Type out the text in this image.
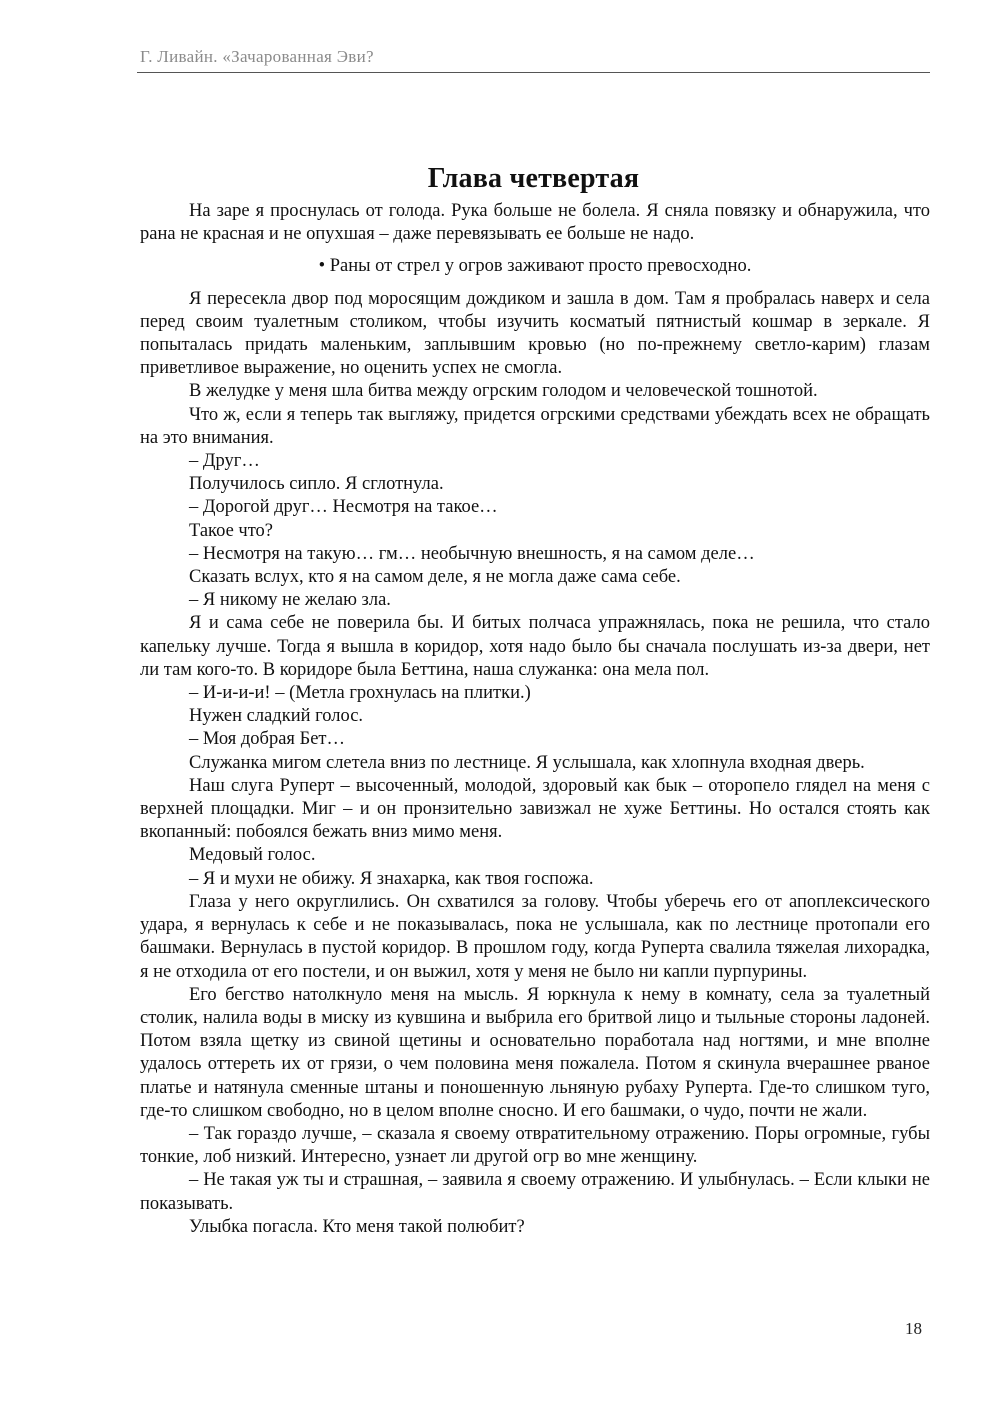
Г. Ливайн. «Зачарованная Эви?
Глава четвертая

На заре я проснулась от голода. Рука больше не болела. Я сняла повязку и обнаружила, что рана не красная и не опухшая – даже перевязывать ее больше не надо.

• Раны от стрел у огров заживают просто превосходно.

Я пересекла двор под моросящим дождиком и зашла в дом. Там я пробралась наверх и села перед своим туалетным столиком, чтобы изучить косматый пятнистый кошмар в зеркале. Я попыталась придать маленьким, заплывшим кровью (но по-прежнему светло-карим) глазам приветливое выражение, но оценить успех не смогла.

В желудке у меня шла битва между огрским голодом и человеческой тошнотой.

Что ж, если я теперь так выгляжу, придется огрскими средствами убеждать всех не обращать на это внимания.

– Друг…

Получилось сипло. Я сглотнула.

– Дорогой друг… Несмотря на такое…

Такое что?

– Несмотря на такую… гм… необычную внешность, я на самом деле…

Сказать вслух, кто я на самом деле, я не могла даже сама себе.

– Я никому не желаю зла.

Я и сама себе не поверила бы. И битых полчаса упражнялась, пока не решила, что стало капельку лучше. Тогда я вышла в коридор, хотя надо было бы сначала послушать из-за двери, нет ли там кого-то. В коридоре была Беттина, наша служанка: она мела пол.

– И-и-и-и! – (Метла грохнулась на плитки.)

Нужен сладкий голос.

– Моя добрая Бет…

Служанка мигом слетела вниз по лестнице. Я услышала, как хлопнула входная дверь.

Наш слуга Руперт – высоченный, молодой, здоровый как бык – оторопело глядел на меня с верхней площадки. Миг – и он пронзительно завизжал не хуже Беттины. Но остался стоять как вкопанный: побоялся бежать вниз мимо меня.

Медовый голос.

– Я и мухи не обижу. Я знахарка, как твоя госпожа.

Глаза у него округлились. Он схватился за голову. Чтобы уберечь его от апоплексического удара, я вернулась к себе и не показывалась, пока не услышала, как по лестнице протопали его башмаки. Вернулась в пустой коридор. В прошлом году, когда Руперта свалила тяжелая лихорадка, я не отходила от его постели, и он выжил, хотя у меня не было ни капли пурпурины.

Его бегство натолкнуло меня на мысль. Я юркнула к нему в комнату, села за туалетный столик, налила воды в миску из кувшина и выбрила его бритвой лицо и тыльные стороны ладоней. Потом взяла щетку из свиной щетины и основательно поработала над ногтями, и мне вполне удалось оттереть их от грязи, о чем половина меня пожалела. Потом я скинула вчерашнее рваное платье и натянула сменные штаны и поношенную льняную рубаху Руперта. Где-то слишком туго, где-то слишком свободно, но в целом вполне сносно. И его башмаки, о чудо, почти не жали.

– Так гораздо лучше, – сказала я своему отвратительному отражению. Поры огромные, губы тонкие, лоб низкий. Интересно, узнает ли другой огр во мне женщину.

– Не такая уж ты и страшная, – заявила я своему отражению. И улыбнулась. – Если клыки не показывать.

Улыбка погасла. Кто меня такой полюбит?

18
